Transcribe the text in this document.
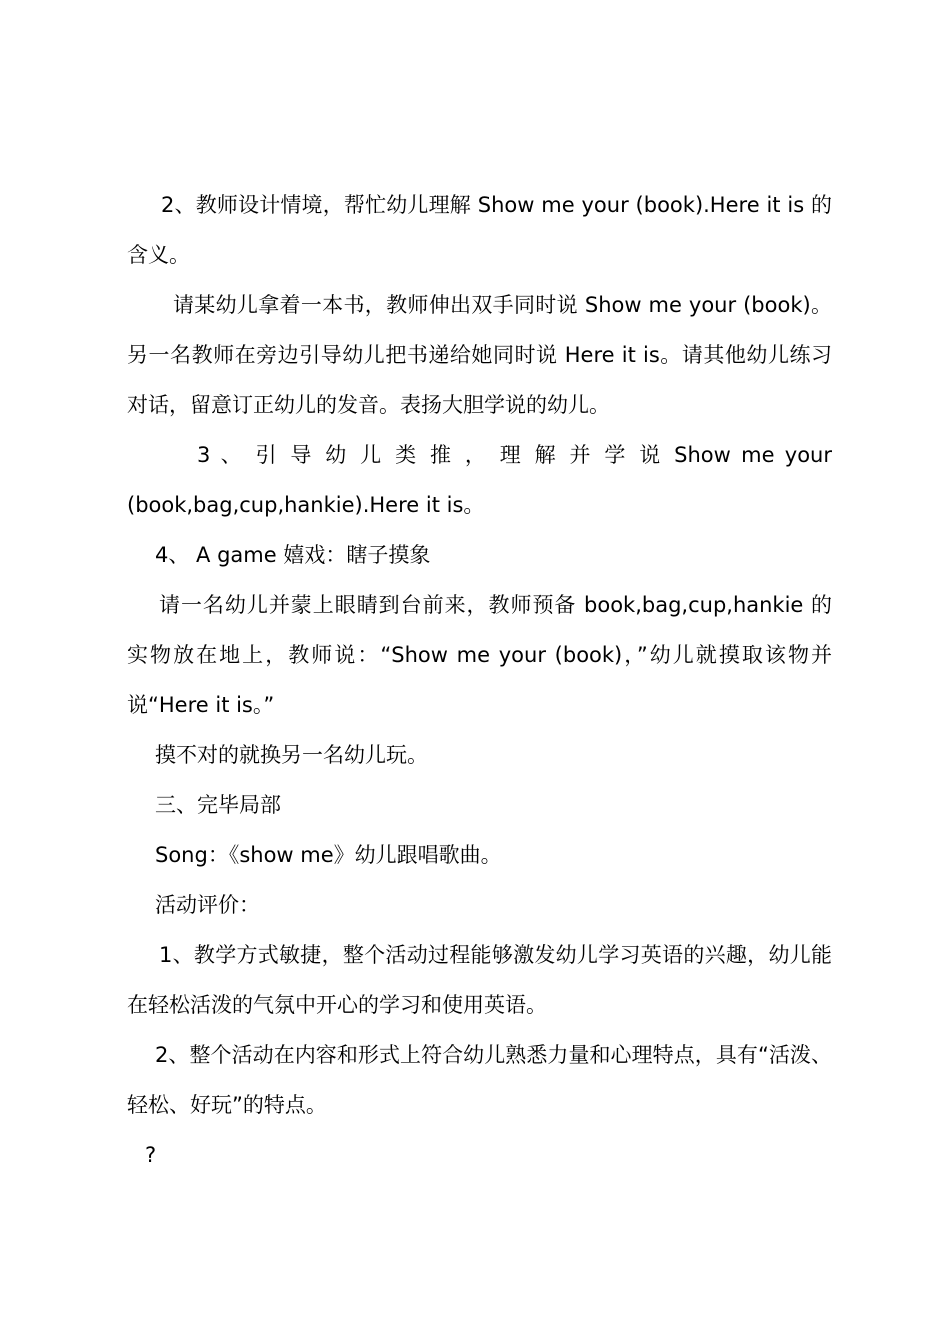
2、教师设计情境，帮忙幼儿理解 Show me your (book).Here it is 的含义。

请某幼儿拿着一本书，教师伸出双手同时说 Show me your (book)。另一名教师在旁边引导幼儿把书递给她同时说 Here it is。请其他幼儿练习对话，留意订正幼儿的发音。表扬大胆学说的幼儿。

3 、 引 导 幼 儿 类 推 ， 理 解 并 学 说 Show me your (book,bag,cup,hankie).Here it is。

4、 A game 嬉戏：瞎子摸象

请一名幼儿并蒙上眼睛到台前来，教师预备 book,bag,cup,hankie 的实物放在地上，教师说：“Show me your (book)，”幼儿就摸取该物并说“Here it is。”

摸不对的就换另一名幼儿玩。

三、完毕局部

Song：《show me》幼儿跟唱歌曲。

活动评价：

1、教学方式敏捷，整个活动过程能够激发幼儿学习英语的兴趣，幼儿能在轻松活泼的气氛中开心的学习和使用英语。

2、整个活动在内容和形式上符合幼儿熟悉力量和心理特点，具有“活泼、轻松、好玩”的特点。

?
